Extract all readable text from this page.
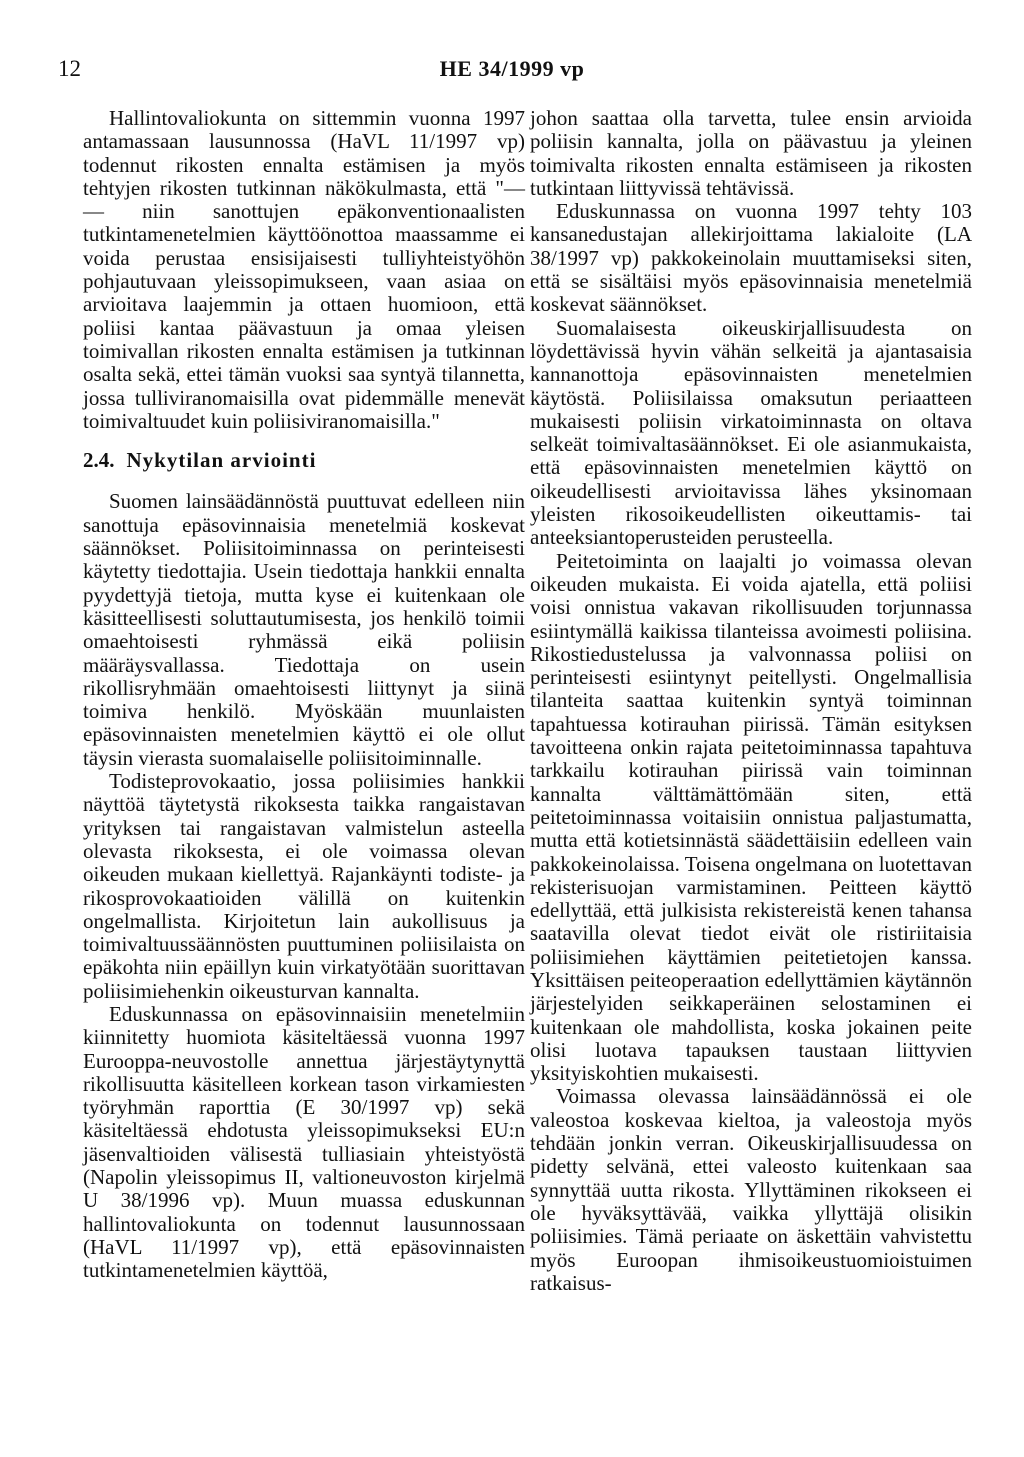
12	HE 34/1999 vp

Hallintovaliokunta on sittemmin vuonna 1997 antamassaan lausunnossa (HaVL 11/1997 vp) todennut rikosten ennalta estämisen ja myös tehtyjen rikosten tutkinnan näkökulmasta, että "— — niin sanottujen epäkonventionaalisten tutkintamenetelmien käyttöönottoa maassamme ei voida perustaa ensisijaisesti tulliyhteistyöhön pohjautuvaan yleissopimukseen, vaan asiaa on arvioitava laajemmin ja ottaen huomioon, että poliisi kantaa päävastuun ja omaa yleisen toimivallan rikosten ennalta estämisen ja tutkinnan osalta sekä, ettei tämän vuoksi saa syntyä tilannetta, jossa tulliviranomaisilla ovat pidemmälle menevät toimivaltuudet kuin poliisiviranomaisilla."

2.4. Nykytilan arviointi

Suomen lainsäädännöstä puuttuvat edelleen niin sanottuja epäsovinnaisia menetelmiä koskevat säännökset. Poliisitoiminnassa on perinteisesti käytetty tiedottajia. Usein tiedottaja hankkii ennalta pyydettyjä tietoja, mutta kyse ei kuitenkaan ole käsitteellisesti soluttautumisesta, jos henkilö toimii omaehtoisesti ryhmässä eikä poliisin määräysvallassa. Tiedottaja on usein rikollisryhmään omaehtoisesti liittynyt ja siinä toimiva henkilö. Myöskään muunlaisten epäsovinnaisten menetelmien käyttö ei ole ollut täysin vierasta suomalaiselle poliisitoiminnalle.

Todisteprovokaatio, jossa poliisimies hankkii näyttöä täytetystä rikoksesta taikka rangaistavan yrityksen tai rangaistavan valmistelun asteella olevasta rikoksesta, ei ole voimassa olevan oikeuden mukaan kiellettyä. Rajankäynti todiste- ja rikosprovokaatioiden välillä on kuitenkin ongelmallista. Kirjoitetun lain aukollisuus ja toimivaltuussäännösten puuttuminen poliisilaista on epäkohta niin epäillyn kuin virkatyötään suorittavan poliisimiehenkin oikeusturvan kannalta.

Eduskunnassa on epäsovinnaisiin menetelmiin kiinnitetty huomiota käsiteltäessä vuonna 1997 Eurooppa-neuvostolle annettua järjestäytynyttä rikollisuutta käsitelleen korkean tason virkamiesten työryhmän raporttia (E 30/1997 vp) sekä käsiteltäessä ehdotusta yleissopimukseksi EU:n jäsenvaltioiden välisestä tulliasiain yhteistyöstä (Napolin yleissopimus II, valtioneuvoston kirjelmä U 38/1996 vp). Muun muassa eduskunnan hallintovaliokunta on todennut lausunnossaan (HaVL 11/1997 vp), että epäsovinnaisten tutkintamenetelmien käyttöä,

johon saattaa olla tarvetta, tulee ensin arvioida poliisin kannalta, jolla on päävastuu ja yleinen toimivalta rikosten ennalta estämiseen ja rikosten tutkintaan liittyvissä tehtävissä.

Eduskunnassa on vuonna 1997 tehty 103 kansanedustajan allekirjoittama lakialoite (LA 38/1997 vp) pakkokeinolain muuttamiseksi siten, että se sisältäisi myös epäsovinnaisia menetelmiä koskevat säännökset.

Suomalaisesta oikeuskirjallisuudesta on löydettävissä hyvin vähän selkeitä ja ajantasaisia kannanottoja epäsovinnaisten menetelmien käytöstä. Poliisilaissa omaksutun periaatteen mukaisesti poliisin virkatoiminnasta on oltava selkeät toimivaltasäännökset. Ei ole asianmukaista, että epäsovinnaisten menetelmien käyttö on oikeudellisesti arvioitavissa lähes yksinomaan yleisten rikosoikeudellisten oikeuttamis- tai anteeksiantoperusteiden perusteella.

Peitetoiminta on laajalti jo voimassa olevan oikeuden mukaista. Ei voida ajatella, että poliisi voisi onnistua vakavan rikollisuuden torjunnassa esiintymällä kaikissa tilanteissa avoimesti poliisina. Rikostiedustelussa ja valvonnassa poliisi on perinteisesti esiintynyt peitellysti. Ongelmallisia tilanteita saattaa kuitenkin syntyä toiminnan tapahtuessa kotirauhan piirissä. Tämän esityksen tavoitteena onkin rajata peitetoiminnassa tapahtuva tarkkailu kotirauhan piirissä vain toiminnan kannalta välttämättömään siten, että peitetoiminnassa voitaisiin onnistua paljastumatta, mutta että kotietsinnästä säädettäisiin edelleen vain pakkokeinolaissa. Toisena ongelmana on luotettavan rekisterisuojan varmistaminen. Peitteen käyttö edellyttää, että julkisista rekistereistä kenen tahansa saatavilla olevat tiedot eivät ole ristiriitaisia poliisimiehen käyttämien peitetietojen kanssa. Yksittäisen peiteoperaation edellyttämien käytännön järjestelyiden seikkaperäinen selostaminen ei kuitenkaan ole mahdollista, koska jokainen peite olisi luotava tapauksen taustaan liittyvien yksityiskohtien mukaisesti.

Voimassa olevassa lainsäädännössä ei ole valeostoa koskevaa kieltoa, ja valeostoja myös tehdään jonkin verran. Oikeuskirjallisuudessa on pidetty selvänä, ettei valeosto kuitenkaan saa synnyttää uutta rikosta. Yllyttäminen rikokseen ei ole hyväksyttävää, vaikka yllyttäjä olisikin poliisimies. Tämä periaate on äskettäin vahvistettu myös Euroopan ihmisoikeustuomioistuimen ratkaisus-
